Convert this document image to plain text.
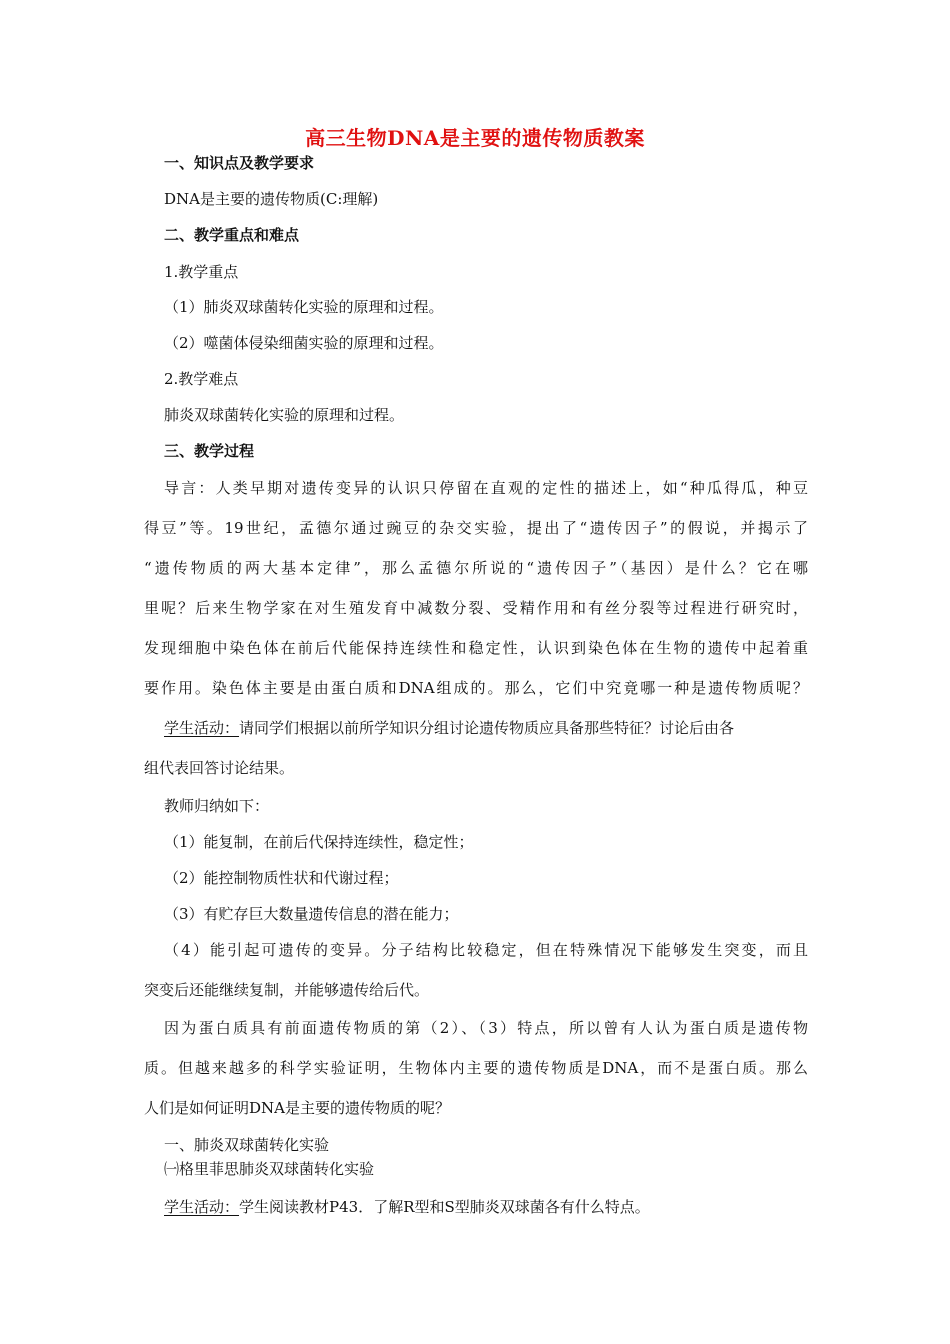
高三生物DNA是主要的遗传物质教案
一、知识点及教学要求
DNA是主要的遗传物质(C:理解)
二、教学重点和难点
1.教学重点
（1）肺炎双球菌转化实验的原理和过程。
（2）噬菌体侵染细菌实验的原理和过程。
2.教学难点
肺炎双球菌转化实验的原理和过程。
三、教学过程
导言：人类早期对遗传变异的认识只停留在直观的定性的描述上，如“种瓜得瓜，种豆
得豆”等。19世纪，孟德尔通过豌豆的杂交实验，提出了“遗传因子”的假说，并揭示了
“遗传物质的两大基本定律”，那么孟德尔所说的“遗传因子”（基因）是什么？它在哪
里呢？后来生物学家在对生殖发育中减数分裂、受精作用和有丝分裂等过程进行研究时，
发现细胞中染色体在前后代能保持连续性和稳定性，认识到染色体在生物的遗传中起着重
要作用。染色体主要是由蛋白质和DNA组成的。那么，它们中究竟哪一种是遗传物质呢？
学生活动：请同学们根据以前所学知识分组讨论遗传物质应具备那些特征？讨论后由各
组代表回答讨论结果。
教师归纳如下：
（1）能复制，在前后代保持连续性，稳定性；
（2）能控制物质性状和代谢过程；
（3）有贮存巨大数量遗传信息的潜在能力；
（4）能引起可遗传的变异。分子结构比较稳定，但在特殊情况下能够发生突变，而且
突变后还能继续复制，并能够遗传给后代。
因为蛋白质具有前面遗传物质的第（2）、（3）特点，所以曾有人认为蛋白质是遗传物
质。但越来越多的科学实验证明，生物体内主要的遗传物质是DNA，而不是蛋白质。那么
人们是如何证明DNA是主要的遗传物质的呢？
一、肺炎双球菌转化实验
㈠格里菲思肺炎双球菌转化实验
学生活动：学生阅读教材P43．了解R型和S型肺炎双球菌各有什么特点。
